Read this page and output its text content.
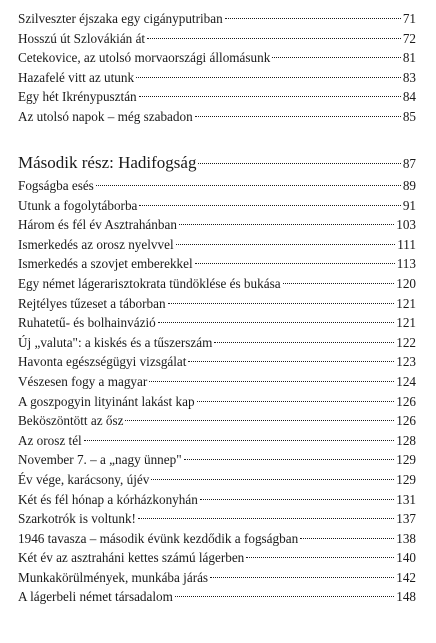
Szilveszter éjszaka egy cigányputriban	71
Hosszú út Szlovákián át	72
Cetekovice, az utolsó morvaországi állomásunk	81
Hazafelé vitt az utunk	83
Egy hét Ikrénypusztán	84
Az utolsó napok – még szabadon	85
Második rész: Hadifogság	87
Fogságba esés	89
Utunk a fogolytáborba	91
Három és fél év Asztrahánban	103
Ismerkedés az orosz nyelvvel	111
Ismerkedés a szovjet emberekkel	113
Egy német lágerarisztokrata tündöklése és bukása	120
Rejtélyes tűzeset a táborban	121
Ruhatetű- és bolhainvázió	121
Új „valuta": a kiskés és a tűszerszám	122
Havonta egészségügyi vizsgálat	123
Vészesen fogy a magyar	124
A goszpogyin lityinánt lakást kap	126
Beköszöntött az ősz	126
Az orosz tél	128
November 7. – a „nagy ünnep"	129
Év vége, karácsony, újév	129
Két és fél hónap a kórházkonyhán	131
Szarkotrók is voltunk!	137
1946 tavasza – második évünk kezdődik a fogságban	138
Két év az asztraháni kettes számú lágerben	140
Munkakörülmények, munkába járás	142
A lágerbeli német társadalom	148
